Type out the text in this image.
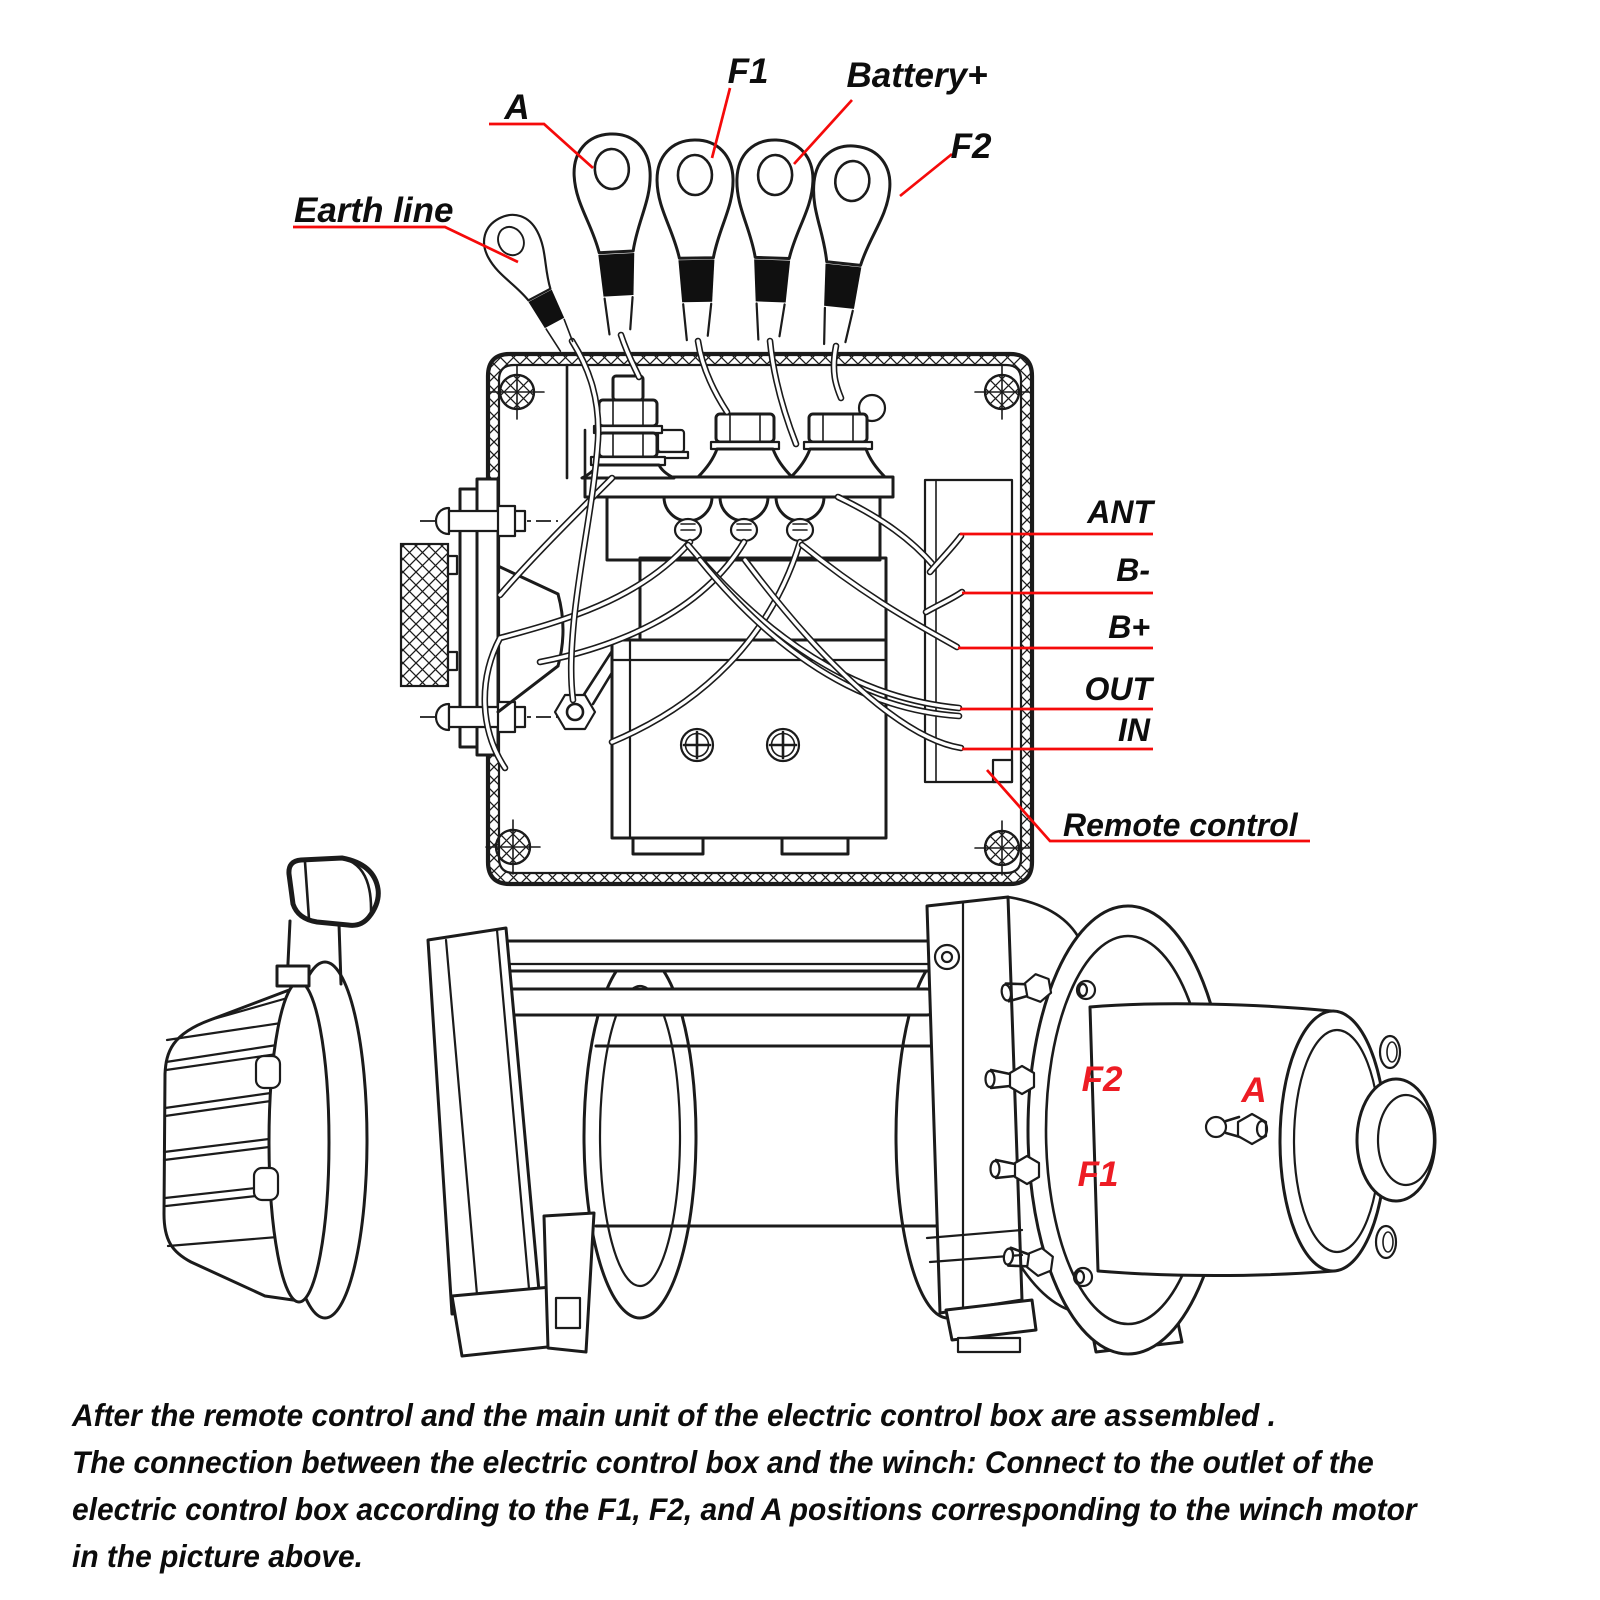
A
F1 Battery+
F2
Earth line
ANT
B-
B+
OUT
IN
Remote control
F2	A
F1
After the remote control and the main unit of the electric control box are assembled .
The connection between the electric control box and the winch: Connect to the outlet of the
electric control box according to the F1, F2, and A positions corresponding to the winch motor
in the picture above.
